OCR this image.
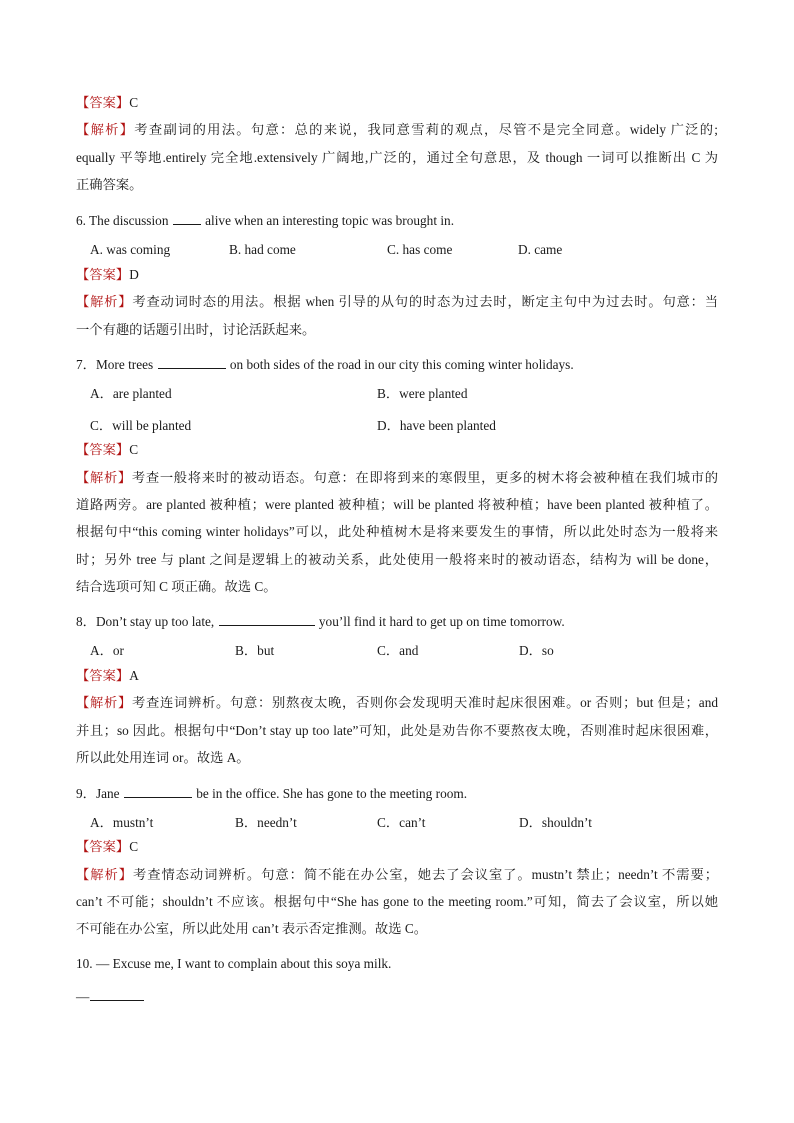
【答案】C
【解析】考查副词的用法。句意：总的来说，我同意雪莉的观点，尽管不是完全同意。widely 广泛的;
equally 平等地.entirely 完全地.extensively 广阔地,广泛的，通过全句意思，及 though 一词可以推断出 C 为
正确答案。
6. The discussion	alive when an interesting topic was brought in.
A. was coming	B. had come	C. has come	D. came
【答案】D
【解析】考查动词时态的用法。根据 when 引导的从句的时态为过去时，断定主句中为过去时。句意：当
一个有趣的话题引出时，讨论活跃起来。
7．More trees	on both sides of the road in our city this coming winter holidays.
A．are planted	B．were planted
C．will be planted	D．have been planted
【答案】C
【解析】考查一般将来时的被动语态。句意：在即将到来的寒假里，更多的树木将会被种植在我们城市的
道路两旁。are planted 被种植；were planted 被种植；will be planted 将被种植；have been planted 被种植了。
根据句中“this coming winter holidays”可以，此处种植树木是将来要发生的事情，所以此处时态为一般将来
时；另外 tree 与 plant 之间是逻辑上的被动关系，此处使用一般将来时的被动语态，结构为 will be done，
结合选项可知 C 项正确。故选 C。
8．Don’t stay up too late,	you’ll find it hard to get up on time tomorrow.
A．or	B．but	C．and	D．so
【答案】A
【解析】考查连词辨析。句意：别熬夜太晚，否则你会发现明天准时起床很困难。or 否则；but 但是；and
并且；so 因此。根据句中“Don’t stay up too late”可知，此处是劝告你不要熬夜太晚，否则准时起床很困难，
所以此处用连词 or。故选 A。
9．Jane	be in the office. She has gone to the meeting room.
A．mustn’t	B．needn’t	C．can’t	D．shouldn’t
【答案】C
【解析】考查情态动词辨析。句意：简不能在办公室，她去了会议室了。mustn’t 禁止；needn’t 不需要；
can’t 不可能；shouldn’t 不应该。根据句中“She has gone to the meeting room.”可知，简去了会议室，所以她
不可能在办公室，所以此处用 can’t 表示否定推测。故选 C。
10. — Excuse me, I want to complain about this soya milk.
—
